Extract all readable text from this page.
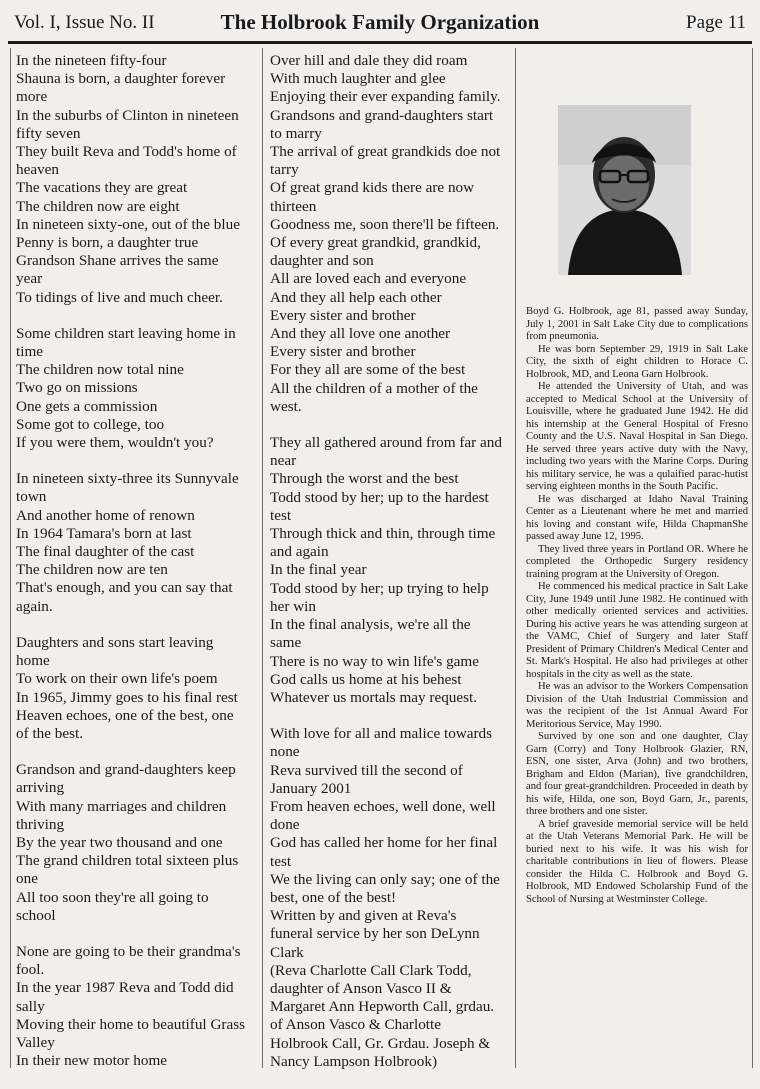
Vol. I, Issue No. II	The Holbrook Family Organization	Page 11

In the nineteen fifty-four
Shauna is born, a daughter forever more
In the suburbs of Clinton in nineteen fifty seven
They built Reva and Todd's home of heaven
The vacations they are great
The children now are eight
In nineteen sixty-one, out of the blue
Penny is born, a daughter true
Grandson Shane arrives the same year
To tidings of live and much cheer.

Some children start leaving home in time
The children now total nine
Two go on missions
One gets a commission
Some got to college, too
If you were them, wouldn't you?

In nineteen sixty-three its Sunnyvale town
And another home of renown
In 1964 Tamara's born at last
The final daughter of the cast
The children now are ten
That's enough, and you can say that again.

Daughters and sons start leaving home
To work on their own life's poem
In 1965, Jimmy goes to his final rest
Heaven echoes, one of the best, one of the best.

Grandson and grand-daughters keep arriving
With many marriages and children thriving
By the year two thousand and one
The grand children total sixteen plus one
All too soon they're all going to school

None are going to be their grandma's fool.
In the year 1987 Reva and Todd did sally
Moving their home to beautiful Grass Valley
In their new motor home

Over hill and dale they did roam
With much laughter and glee
Enjoying their ever expanding family.
Grandsons and grand-daughters start to marry
The arrival of great grandkids doe not tarry
Of great grand kids there are now thirteen
Goodness me, soon there'll be fifteen.
Of every great grandkid, grandkid, daughter and son
All are loved each and everyone
And they all help each other
Every sister and brother
And they all love one another
Every sister and brother
For they all are some of the best
All the children of a mother of the west.

They all gathered around from far and near
Through the worst and the best
Todd stood by her; up to the hardest test
Through thick and thin, through time and again
In the final year
Todd stood by her; up trying to help her win
In the final analysis, we're all the same
There is no way to win life's game
God calls us home at his behest
Whatever us mortals may request.

With love for all and malice towards none
Reva survived till the second of January 2001
From heaven echoes, well done, well done
God has called her home for her final test
We the living can only say; one of the best, one of the best!
Written by and given at Reva's funeral service by her son DeLynn Clark
(Reva Charlotte Call Clark Todd, daughter of Anson Vasco II & Margaret Ann Hepworth Call, grdau. of Anson Vasco & Charlotte Holbrook Call, Gr. Grdau. Joseph & Nancy Lampson Holbrook)

Boyd G. Holbrook, age 81, passed away Sunday, July 1, 2001 in Salt Lake City due to complications from pneumonia.

He was born September 29, 1919 in Salt Lake City, the sixth of eight children to Horace C. Holbrook, MD, and Leona Garn Holbrook.

He attended the University of Utah, and was accepted to Medical School at the University of Louisville, where he graduated June 1942. He did his internship at the General Hospital of Fresno County and the U.S. Naval Hospital in San Diego. He served three years active duty with the Navy, including two years with the Marine Corps. During his military service, he was a qulaified parac-hutist serving eighteen months in the South Pacific.

He was discharged at Idaho Naval Training Center as a Lieutenant where he met and married his loving and constant wife, Hilda ChapmanShe passed away June 12, 1995.

They lived three years in Portland OR. Where he completed the Orthopedic Surgery residency training program at the University of Oregon.

He commenced his medical practice in Salt Lake City, June 1949 until June 1982. He continued with other medically oriented services and activities. During his active years he was attending surgeon at the VAMC, Chief of Surgery and later Staff President of Primary Children's Medical Center and St. Mark's Hospital. He also had privileges at other hospitals in the city as well as the state.

He was an advisor to the Workers Compensation Division of the Utah Industrial Commission and was the recipient of the 1st Annual Award For Meritorious Service, May 1990.

Survived by one son and one daughter, Clay Garn (Corry) and Tony Holbrook Glazier, RN, ESN, one sister, Arva (John) and two brothers, Brigham and Eldon (Marian), five grandchildren, and four great-grandchildren. Proceeded in death by his wife, Hilda, one son, Boyd Garn, Jr., parents, three brothers and one sister.

A brief graveside memorial service will be held at the Utah Veterans Memorial Park. He will be buried next to his wife. It was his wish for charitable contributions in lieu of flowers. Please consider the Hilda C. Holbrook and Boyd G. Holbrook, MD Endowed Scholarship Fund of the School of Nursing at Westminster College.
